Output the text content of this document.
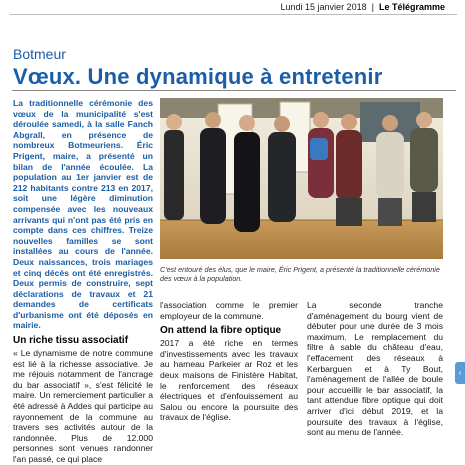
Lundi 15 janvier 2018  |  Le Télégramme
Botmeur
Vœux. Une dynamique à entretenir

La traditionnelle cérémonie des vœux de la municipalité s'est déroulée samedi, à la salle Fanch Abgrall, en présence de nombreux Botmeuriens. Éric Prigent, maire, a présenté un bilan de l'année écoulée. La population au 1er janvier est de 212 habitants contre 213 en 2017, soit une légère diminution compensée avec les nouveaux arrivants qui n'ont pas été pris en compte dans ces chiffres. Treize nouvelles familles se sont installées au cours de l'année. Deux naissances, trois mariages et cinq décès ont été enregistrés. Deux permis de construire, sept déclarations de travaux et 21 demandes de certificats d'urbanisme ont été déposés en mairie.

Un riche tissu associatif

« Le dynamisme de notre commune est lié à la richesse associative. Je me réjouis notamment de l'ancrage du bar associatif », s'est félicité le maire. Un remerciement particulier a été adressé à Addes qui participe au rayonnement de la commune au travers ses activités autour de la randonnée. Plus de 12.000 personnes sont venues randonner l'an passé, ce qui place

C'est entouré des élus, que le maire, Éric Prigent, a présenté la traditionnelle cérémonie des vœux à la population.

l'association comme le premier employeur de la commune.

On attend la fibre optique

2017 a été riche en termes d'investissements avec les travaux au hameau Parkeier ar Roz et les deux maisons de Finistère Habitat, le renforcement des réseaux électriques et d'enfouissement au Salou ou encore la poursuite des travaux de l'église.

La seconde tranche d'aménagement du bourg vient de débuter pour une durée de 3 mois maximum. Le remplacement du filtre à sable du château d'eau, l'effacement des réseaux à Kerbarguen et à Ty Bout, l'aménagement de l'allée de boule pour accueillir le bar associatif, la tant attendue fibre optique qui doit arriver d'ici début 2019, et la poursuite des travaux à l'église, sont au menu de l'année.

‹
